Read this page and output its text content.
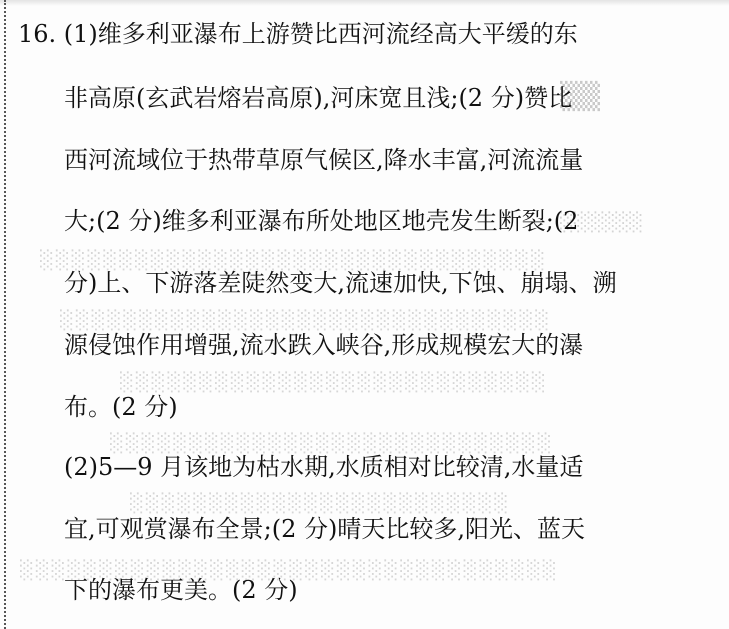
▒▒
░░░░░░
░░░░░░░░░░░░░░░░░░░░░░░░░░░░░░░░
░░░░░░░░░░░░░░░░░░░░░░░░░░░░░░░
░░░░░░░░░░░░░░░░░░░░░░░░░░░
░░░░░░░░░░░░░░░░░░░░░░░░░░░░
░░░░░░░░░░░░░░░░░░░░░░░░
░░░░░░░░░░░░░░░░░░░░░░░░░░░░░░░░░░
16. (1)维多利亚瀑布上游赞比西河流经高大平缓的东
非高原(玄武岩熔岩高原),河床宽且浅;(2 分)赞比
西河流域位于热带草原气候区,降水丰富,河流流量
大;(2 分)维多利亚瀑布所处地区地壳发生断裂;(2
分)上、下游落差陡然变大,流速加快,下蚀、崩塌、溯
源侵蚀作用增强,流水跌入峡谷,形成规模宏大的瀑
布。(2 分)
(2)5—9 月该地为枯水期,水质相对比较清,水量适
宜,可观赏瀑布全景;(2 分)晴天比较多,阳光、蓝天
下的瀑布更美。(2 分)
